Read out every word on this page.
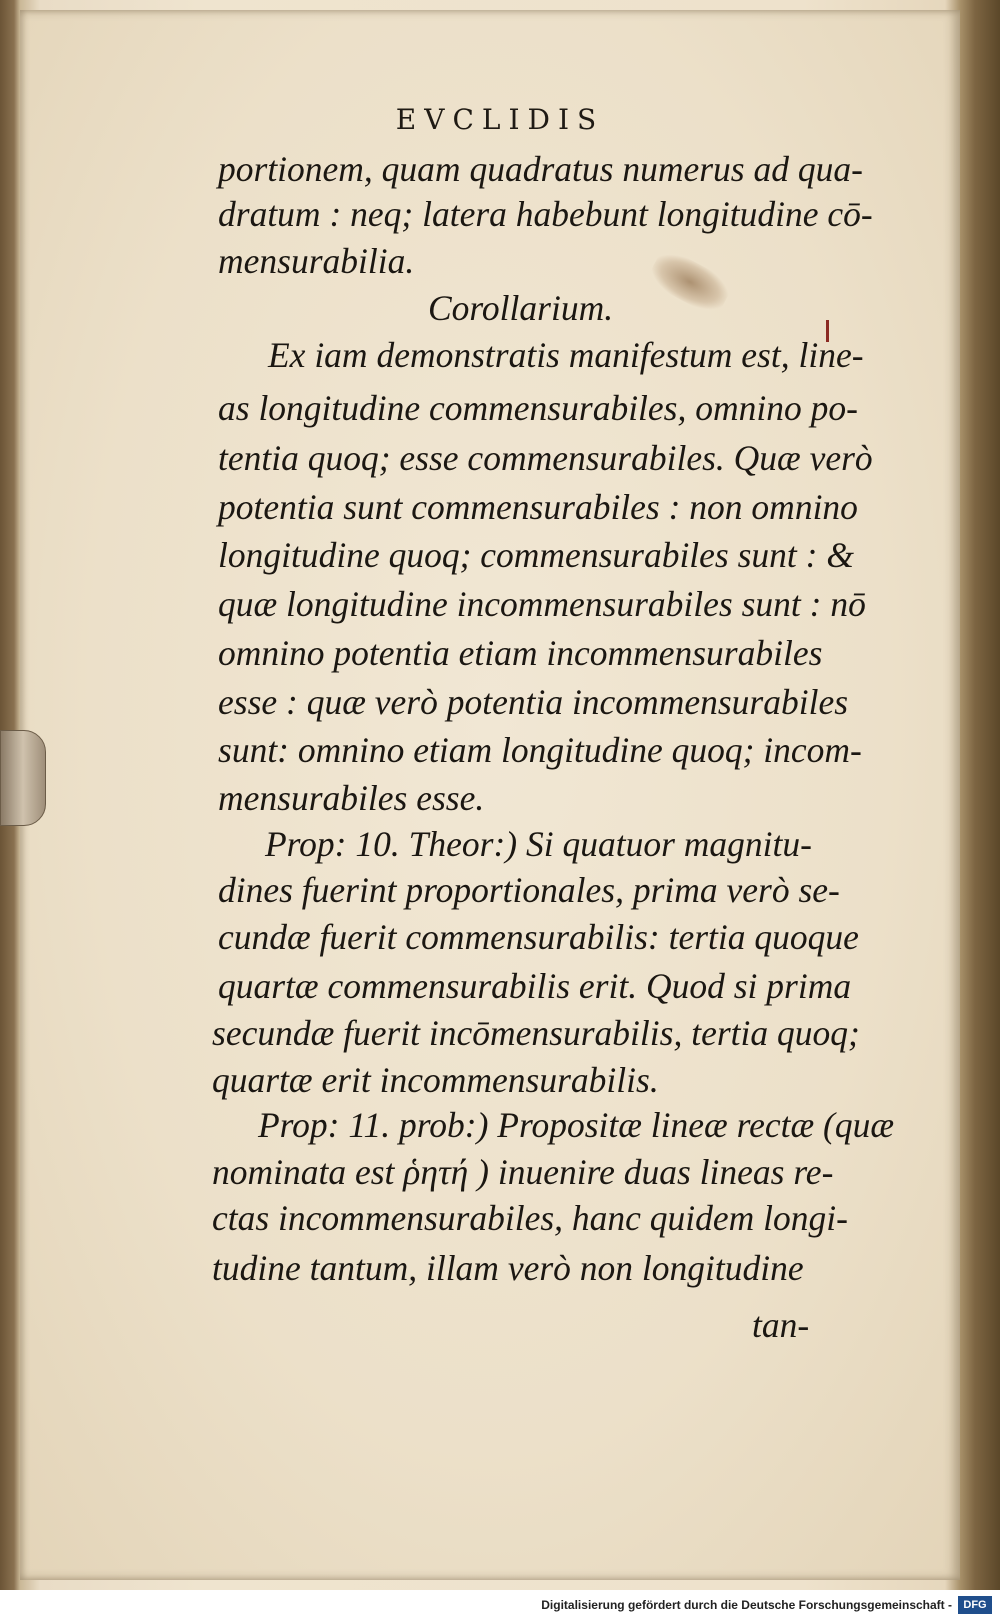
EVCLIDIS
portionem, quam quadratus numerus ad qua-
dratum : neq; latera habebunt longitudine cō-
mensurabilia.
Corollarium.
Ex iam demonstratis manifestum est, line-
as longitudine commensurabiles, omnino po-
tentia quoq; esse commensurabiles. Quæ verò
potentia sunt commensurabiles : non omnino
longitudine quoq; commensurabiles sunt : &
quæ longitudine incommensurabiles sunt : nō
omnino potentia etiam incommensurabiles
esse : quæ verò potentia incommensurabiles
sunt: omnino etiam longitudine quoq; incom-
mensurabiles esse.
Prop: 10. Theor:) Si quatuor magnitu-
dines fuerint proportionales, prima verò se-
cundæ fuerit commensurabilis: tertia quoque
quartæ commensurabilis erit. Quod si prima
secundæ fuerit incōmensurabilis, tertia quoq;
quartæ erit incommensurabilis.
Prop: 11. prob:) Propositæ lineæ rectæ (quæ
nominata est ῥητή ) inuenire duas lineas re-
ctas incommensurabiles, hanc quidem longi-
tudine tantum, illam verò non longitudine
tan-
Digitalisierung gefördert durch die Deutsche Forschungsgemeinschaft -	DFG
